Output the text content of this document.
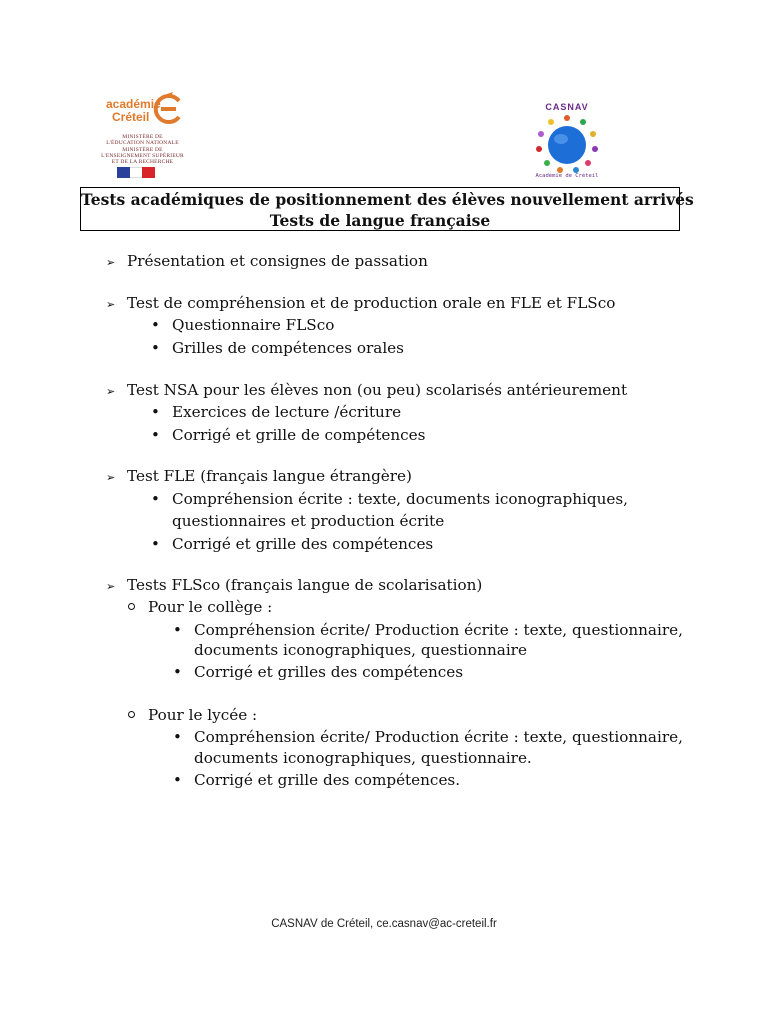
académie
Créteil
MINISTÈRE DE
L'ÉDUCATION NATIONALE
MINISTÈRE DE
L'ENSEIGNEMENT SUPÉRIEUR
ET DE LA RECHERCHE
CASNAV
Académie de Créteil
Tests académiques de positionnement des élèves nouvellement arrivés
Tests de langue française
➢ Présentation et consignes de passation
➢ Test de compréhension et de production orale en FLE et FLSco
• Questionnaire FLSco
• Grilles de compétences orales
➢ Test NSA pour les élèves non (ou peu) scolarisés antérieurement
• Exercices de lecture /écriture
• Corrigé et grille de compétences
➢ Test FLE (français langue étrangère)
• Compréhension écrite : texte, documents iconographiques,
questionnaires et production écrite
• Corrigé et grille des compétences
➢ Tests FLSco (français langue de scolarisation)
Pour le collège :
• Compréhension écrite/ Production écrite : texte, questionnaire,
documents iconographiques, questionnaire
• Corrigé et grilles des compétences
Pour le lycée :
• Compréhension écrite/ Production écrite : texte, questionnaire,
documents iconographiques, questionnaire.
• Corrigé et grille des compétences.
CASNAV de Créteil, ce.casnav@ac-creteil.fr
